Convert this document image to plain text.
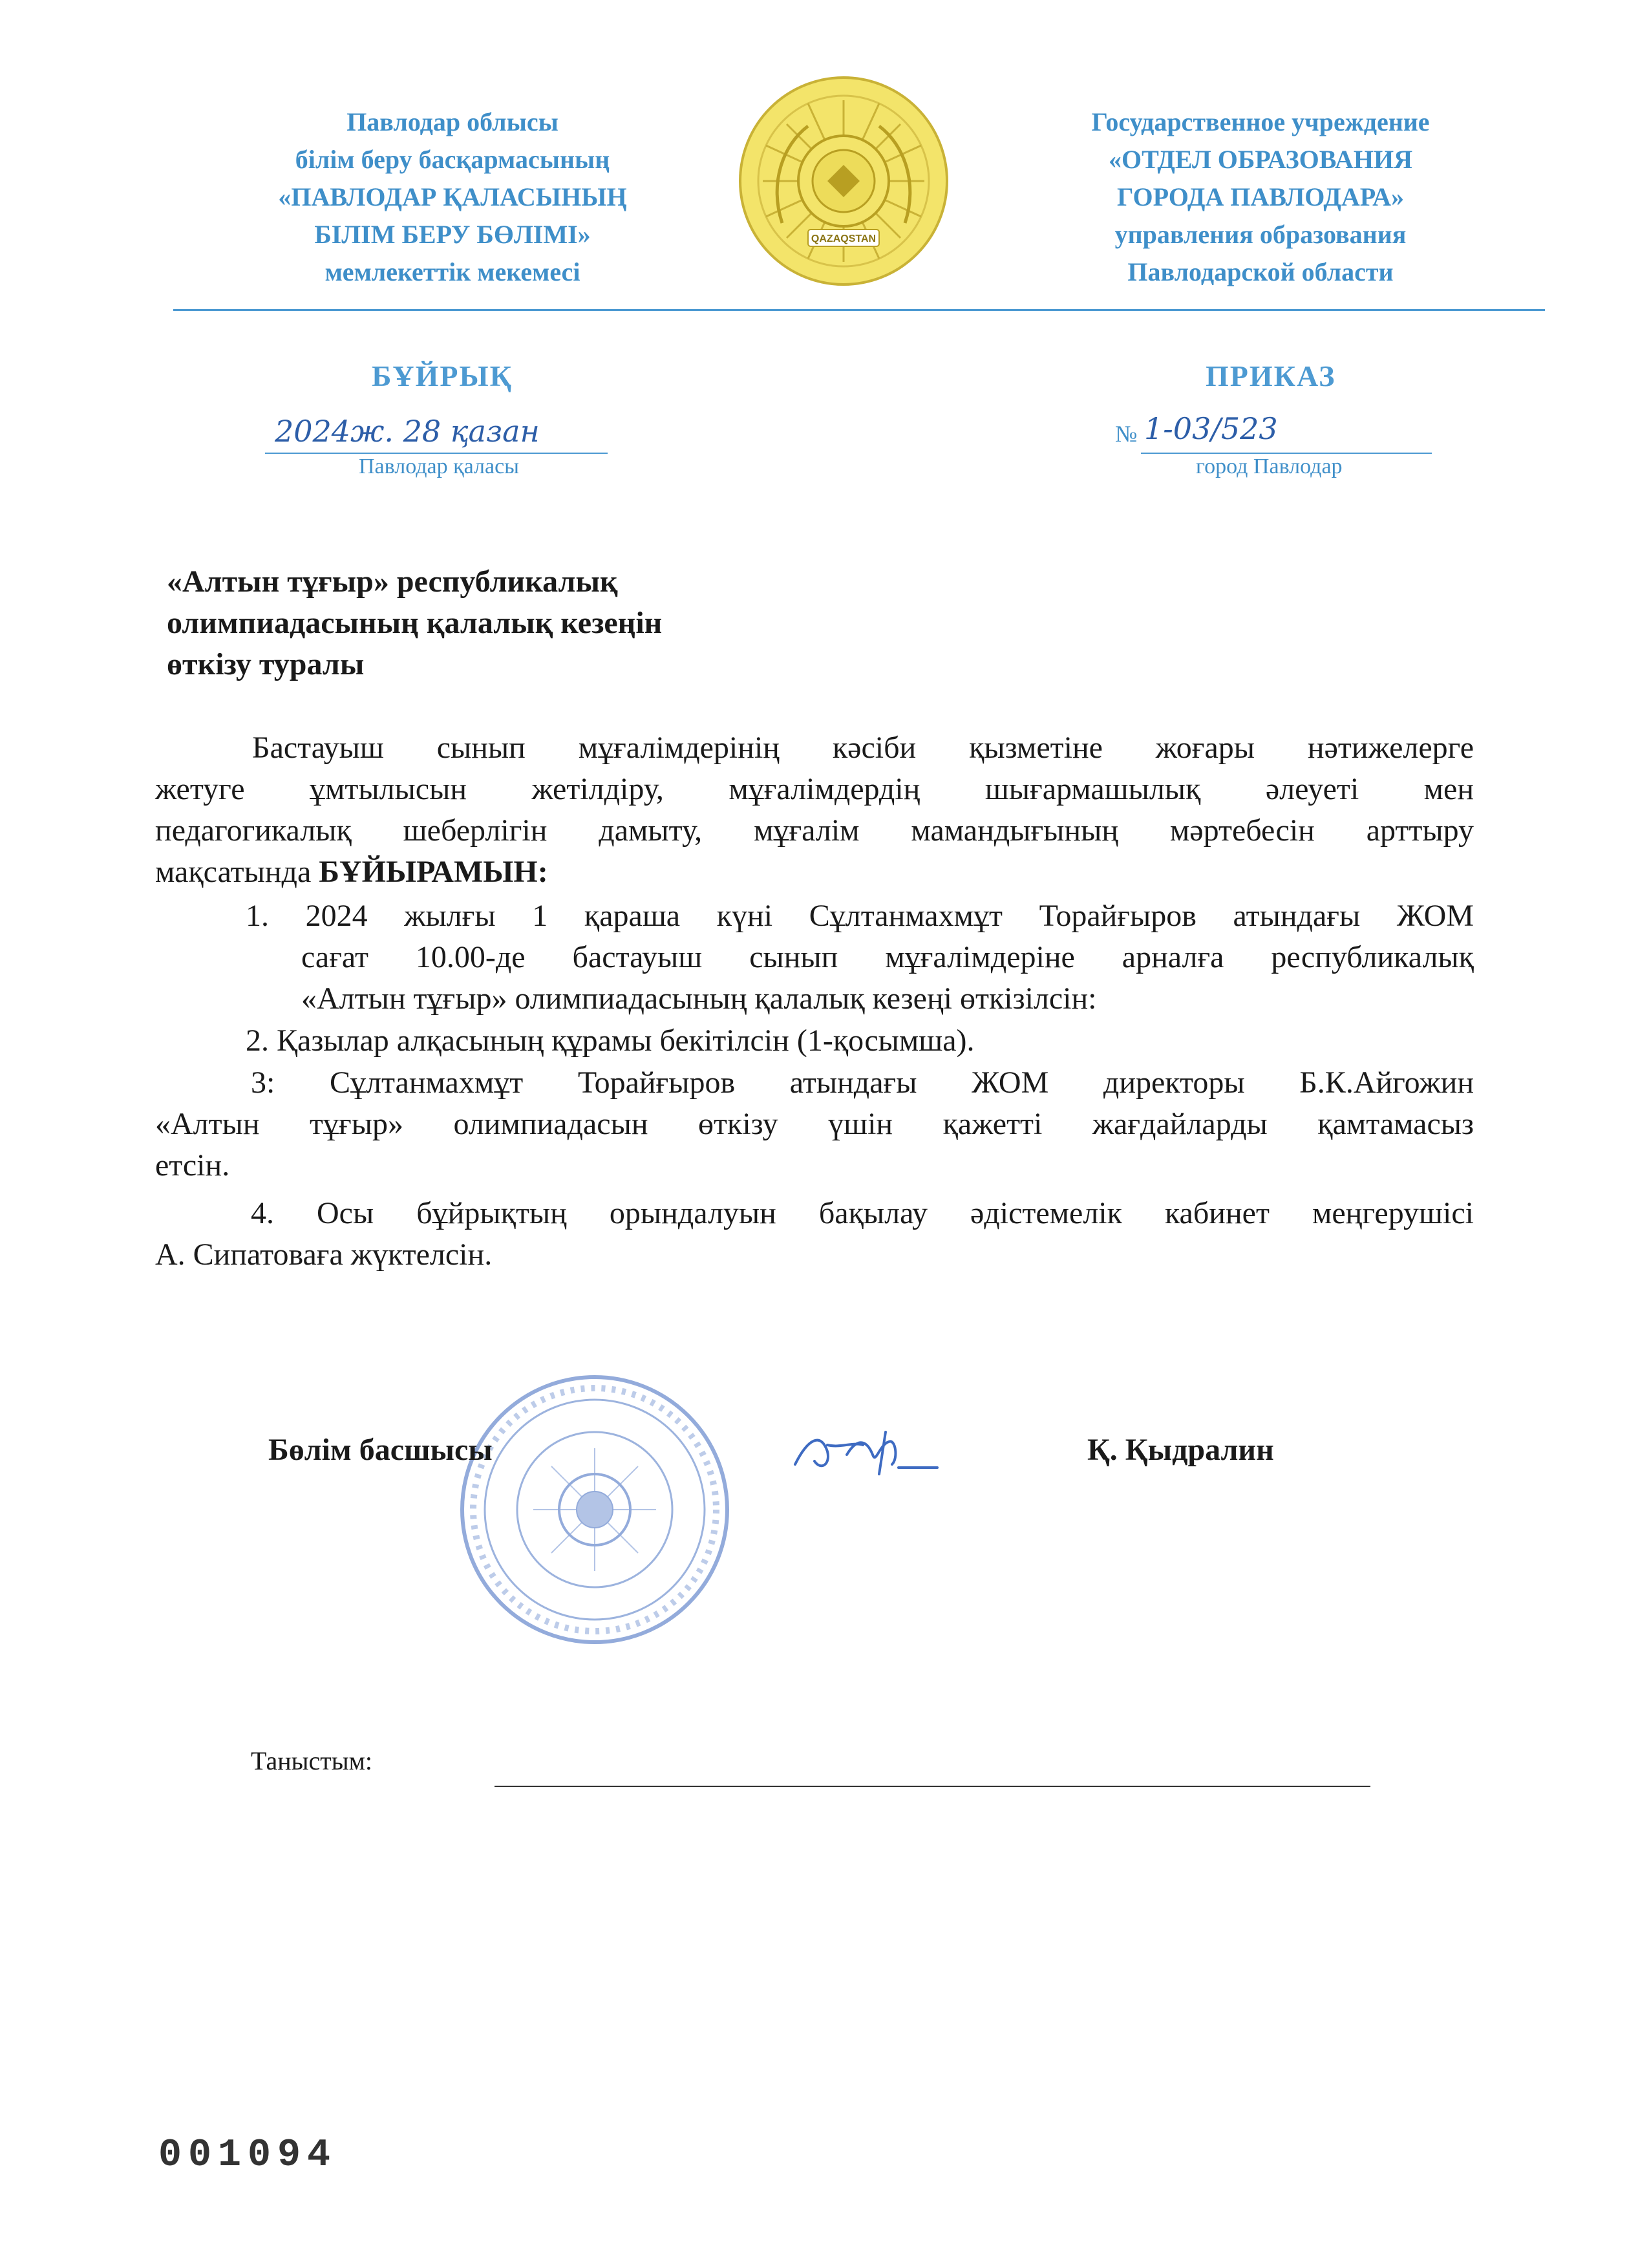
Павлодар облысы
білім беру басқармасының
«ПАВЛОДАР ҚАЛАСЫНЫҢ
БІЛІМ БЕРУ БӨЛІМІ»
мемлекеттік мекемесі
QAZAQSTAN
Государственное учреждение
«ОТДЕЛ ОБРАЗОВАНИЯ
ГОРОДА ПАВЛОДАРА»
управления образования
Павлодарской области
БҰЙРЫҚ	ПРИКАЗ
2024ж. 28 қазан
Павлодар қаласы
№ 1-03/523
город Павлодар
«Алтын тұғыр» республикалық
олимпиадасының қалалық кезеңін
өткізу туралы
Бастауыш сынып мұғалімдерінің кәсіби қызметіне жоғары нәтижелерге
жетуге ұмтылысын жетілдіру, мұғалімдердің шығармашылық әлеуеті мен
педагогикалық шеберлігін дамыту, мұғалім мамандығының мәртебесін арттыру
мақсатында БҰЙЫРАМЫН:
1. 2024 жылғы 1 қараша күні Сұлтанмахмұт Торайғыров атындағы ЖОМ
сағат 10.00-де бастауыш сынып мұғалімдеріне арналға республикалық
«Алтын тұғыр» олимпиадасының қалалық кезеңі өткізілсін:
2. Қазылар алқасының құрамы бекітілсін (1-қосымша).
3: Сұлтанмахмұт Торайғыров атындағы ЖОМ директоры Б.К.Айгожин
«Алтын тұғыр» олимпиадасын өткізу үшін қажетті жағдайларды қамтамасыз
етсін.
4. Осы бұйрықтың орындалуын бақылау әдістемелік кабинет меңгерушісі
А. Сипатоваға жүктелсін.
Бөлім басшысы	Қ. Қыдралин
Таныстым:
001094
